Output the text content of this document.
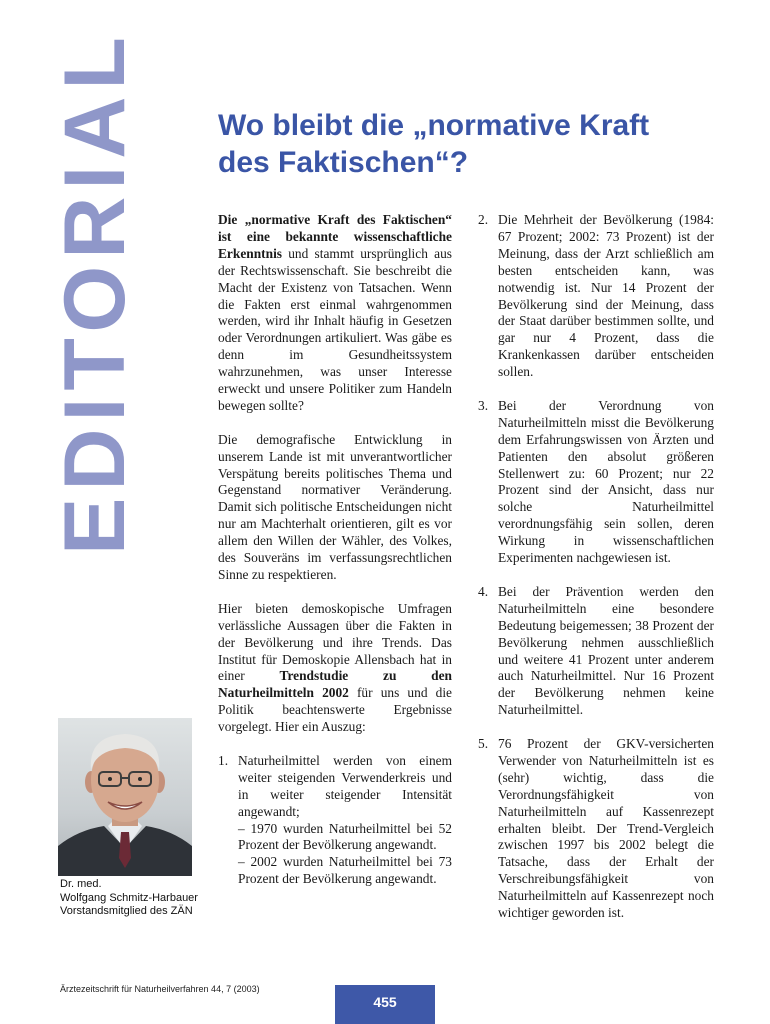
EDITORIAL	Wo bleibt die „normative Kraft
des Faktischen“?

Die „normative Kraft des Faktischen“ ist eine bekannte wissenschaftliche Erkenntnis und stammt ursprünglich aus der Rechtswissenschaft. Sie beschreibt die Macht der Existenz von Tatsachen. Wenn die Fakten erst einmal wahrgenommen werden, wird ihr Inhalt häufig in Gesetzen oder Verordnungen artikuliert. Was gäbe es denn im Gesundheitssystem wahrzunehmen, was unser Interesse erweckt und unsere Politiker zum Handeln bewegen sollte?

Die demografische Entwicklung in unserem Lande ist mit unverantwortlicher Verspätung bereits politisches Thema und Gegenstand normativer Veränderung. Damit sich politische Entscheidungen nicht nur am Machterhalt orientieren, gilt es vor allem den Willen der Wähler, des Volkes, des Souveräns im verfassungsrechtlichen Sinne zu respektieren.

Hier bieten demoskopische Umfragen verlässliche Aussagen über die Fakten in der Bevölkerung und ihre Trends. Das Institut für Demoskopie Allensbach hat in einer Trendstudie zu den Naturheilmitteln 2002 für uns und die Politik beachtenswerte Ergebnisse vorgelegt. Hier ein Auszug:

1. Naturheilmittel werden von einem weiter steigenden Verwenderkreis und in weiter steigender Intensität angewandt;
– 1970 wurden Naturheilmittel bei 52 Prozent der Bevölkerung angewandt.
– 2002 wurden Naturheilmittel bei 73 Prozent der Bevölkerung angewandt.
2. Die Mehrheit der Bevölkerung (1984: 67 Prozent; 2002: 73 Prozent) ist der Meinung, dass der Arzt schließlich am besten entscheiden kann, was notwendig ist. Nur 14 Prozent der Bevölkerung sind der Meinung, dass der Staat darüber bestimmen sollte, und gar nur 4 Prozent, dass die Krankenkassen darüber entscheiden sollen.
3. Bei der Verordnung von Naturheilmitteln misst die Bevölkerung dem Erfahrungswissen von Ärzten und Patienten den absolut größeren Stellenwert zu: 60 Prozent; nur 22 Prozent sind der Ansicht, dass nur solche Naturheilmittel verordnungsfähig sein sollen, deren Wirkung in wissenschaftlichen Experimenten nachgewiesen ist.
4. Bei der Prävention werden den Naturheilmitteln eine besondere Bedeutung beigemessen; 38 Prozent der Bevölkerung nehmen ausschließlich und weitere 41 Prozent unter anderem auch Naturheilmittel. Nur 16 Prozent der Bevölkerung nehmen keine Naturheilmittel.
5. 76 Prozent der GKV-versicherten Verwender von Naturheilmitteln ist es (sehr) wichtig, dass die Verordnungsfähigkeit von Naturheilmitteln auf Kassenrezept erhalten bleibt. Der Trend-Vergleich zwischen 1997 bis 2002 belegt die Tatsache, dass der Erhalt der Verschreibungsfähigkeit von Naturheilmitteln auf Kassenrezept noch wichtiger geworden ist.
Dr. med.
Wolfgang Schmitz-Harbauer
Vorstandsmitglied des ZÄN
Ärztezeitschrift für Naturheilverfahren 44, 7 (2003)
455
